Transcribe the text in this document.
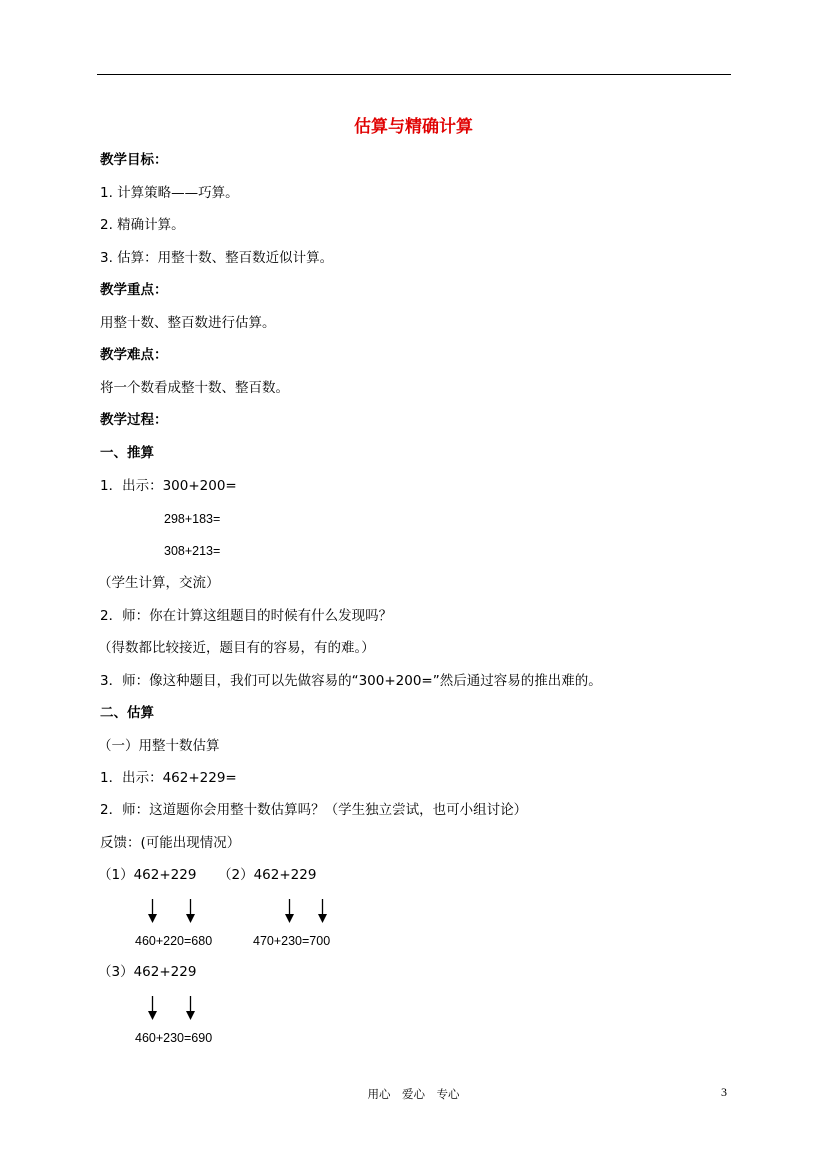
估算与精确计算
教学目标：
1. 计算策略——巧算。
2. 精确计算。
3. 估算：用整十数、整百数近似计算。
教学重点：
用整十数、整百数进行估算。
教学难点：
将一个数看成整十数、整百数。
教学过程：
一、推算
1．出示：300+200=
298+183=
308+213=
（学生计算，交流）
2．师：你在计算这组题目的时候有什么发现吗？
（得数都比较接近，题目有的容易，有的难。）
3．师：像这种题目，我们可以先做容易的“300+200=”然后通过容易的推出难的。
二、估算
（一）用整十数估算
1．出示：462+229=
2．师：这道题你会用整十数估算吗？（学生独立尝试，也可小组讨论）
反馈：(可能出现情况）
（1）462+229 （2）462+229
460+220=680	470+230=700
（3）462+229
460+230=690
用心　爱心　专心	3
